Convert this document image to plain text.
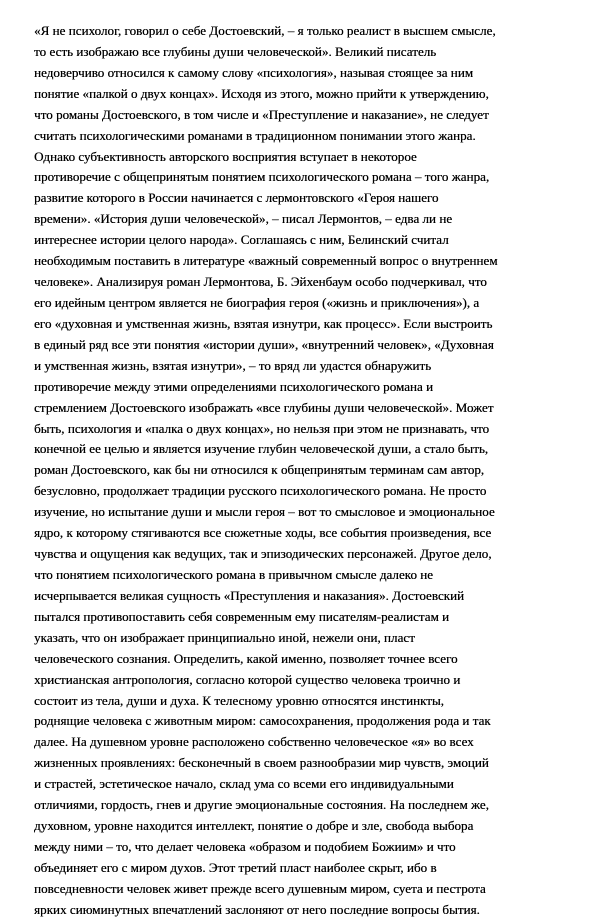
«Я не психолог, говорил о себе Достоевский, – я только реалист в высшем смысле,
то есть изображаю все глубины души человеческой». Великий писатель
недоверчиво относился к самому слову «психология», называя стоящее за ним
понятие «палкой о двух концах». Исходя из этого, можно прийти к утверждению,
что романы Достоевского, в том числе и «Преступление и наказание», не следует
считать психологическими романами в традиционном понимании этого жанра.
Однако субъективность авторского восприятия вступает в некоторое
противоречие с общепринятым понятием психологического романа – того жанра,
развитие которого в России начинается с лермонтовского «Героя нашего
времени». «История души человеческой», – писал Лермонтов, – едва ли не
интереснее истории целого народа». Соглашаясь с ним, Белинский считал
необходимым поставить в литературе «важный современный вопрос о внутреннем
человеке». Анализируя роман Лермонтова, Б. Эйхенбаум особо подчеркивал, что
его идейным центром является не биография героя («жизнь и приключения»), а
его «духовная и умственная жизнь, взятая изнутри, как процесс». Если выстроить
в единый ряд все эти понятия «истории души», «внутренний человек», «Духовная
и умственная жизнь, взятая изнутри», – то вряд ли удастся обнаружить
противоречие между этими определениями психологического романа и
стремлением Достоевского изображать «все глубины души человеческой». Может
быть, психология и «палка о двух концах», но нельзя при этом не признавать, что
конечной ее целью и является изучение глубин человеческой души, а стало быть,
роман Достоевского, как бы ни относился к общепринятым терминам сам автор,
безусловно, продолжает традиции русского психологического романа. Не просто
изучение, но испытание души и мысли героя – вот то смысловое и эмоциональное
ядро, к которому стягиваются все сюжетные ходы, все события произведения, все
чувства и ощущения как ведущих, так и эпизодических персонажей. Другое дело,
что понятием психологического романа в привычном смысле далеко не
исчерпывается великая сущность «Преступления и наказания». Достоевский
пытался противопоставить себя современным ему писателям-реалистам и
указать, что он изображает принципиально иной, нежели они, пласт
человеческого сознания. Определить, какой именно, позволяет точнее всего
христианская антропология, согласно которой существо человека троично и
состоит из тела, души и духа. К телесному уровню относятся инстинкты,
роднящие человека с животным миром: самосохранения, продолжения рода и так
далее. На душевном уровне расположено собственно человеческое «я» во всех
жизненных проявлениях: бесконечный в своем разнообразии мир чувств, эмоций
и страстей, эстетическое начало, склад ума со всеми его индивидуальными
отличиями, гордость, гнев и другие эмоциональные состояния. На последнем же,
духовном, уровне находится интеллект, понятие о добре и зле, свобода выбора
между ними – то, что делает человека «образом и подобием Божиим» и что
объединяет его с миром духов. Этот третий пласт наиболее скрыт, ибо в
повседневности человек живет прежде всего душевным миром, суета и пестрота
ярких сиюминутных впечатлений заслоняют от него последние вопросы бытия.
